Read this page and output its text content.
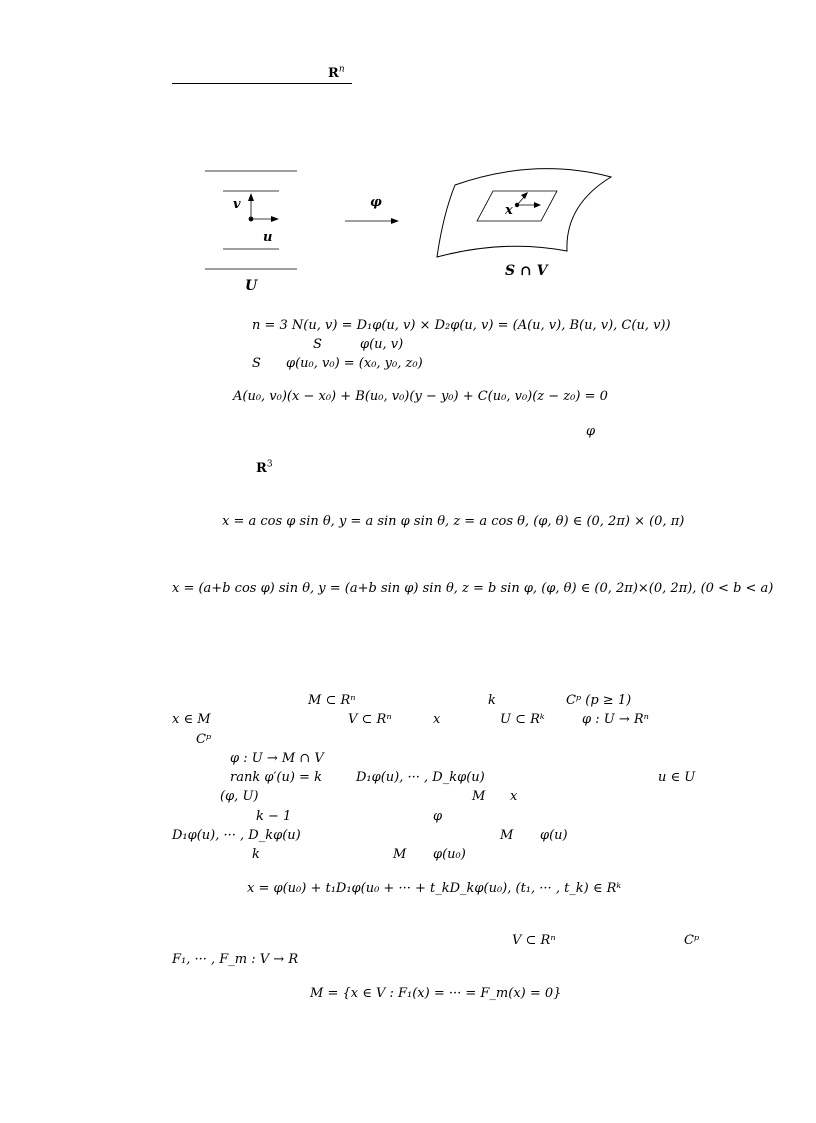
$R^n$
v
u
φ
x
U
S ∩ V
n = 3 N(u, v) = D₁φ(u, v) × D₂φ(u, v) = (A(u, v), B(u, v), C(u, v))
S	φ(u, v)
S φ(u₀, v₀) = (x₀, y₀, z₀)
A(u₀, v₀)(x − x₀) + B(u₀, v₀)(y − y₀) + C(u₀, v₀)(z − z₀) = 0
φ
$R^3$
x = a cos φ sin θ, y = a sin φ sin θ, z = a cos θ, (φ, θ) ∈ (0, 2π) × (0, π)
x = (a+b cos φ) sin θ, y = (a+b sin φ) sin θ, z = b sin φ, (φ, θ) ∈ (0, 2π)×(0, 2π), (0 < b < a)
M ⊂ Rⁿ	k	Cᵖ (p ≥ 1)
x ∈ M	V ⊂ Rⁿ	x	U ⊂ Rᵏ	φ : U → Rⁿ
Cᵖ
φ : U → M ∩ V
rank φ′(u) = k	D₁φ(u), ··· , D_kφ(u)	u ∈ U
(φ, U)	M x
k − 1	φ
D₁φ(u), ··· , D_kφ(u)	M φ(u)
k	M φ(u₀)
x = φ(u₀) + t₁D₁φ(u₀ + ··· + t_kD_kφ(u₀), (t₁, ··· , t_k) ∈ Rᵏ
V ⊂ Rⁿ	Cᵖ
F₁, ··· , F_m : V → R
M = {x ∈ V : F₁(x) = ··· = F_m(x) = 0}
